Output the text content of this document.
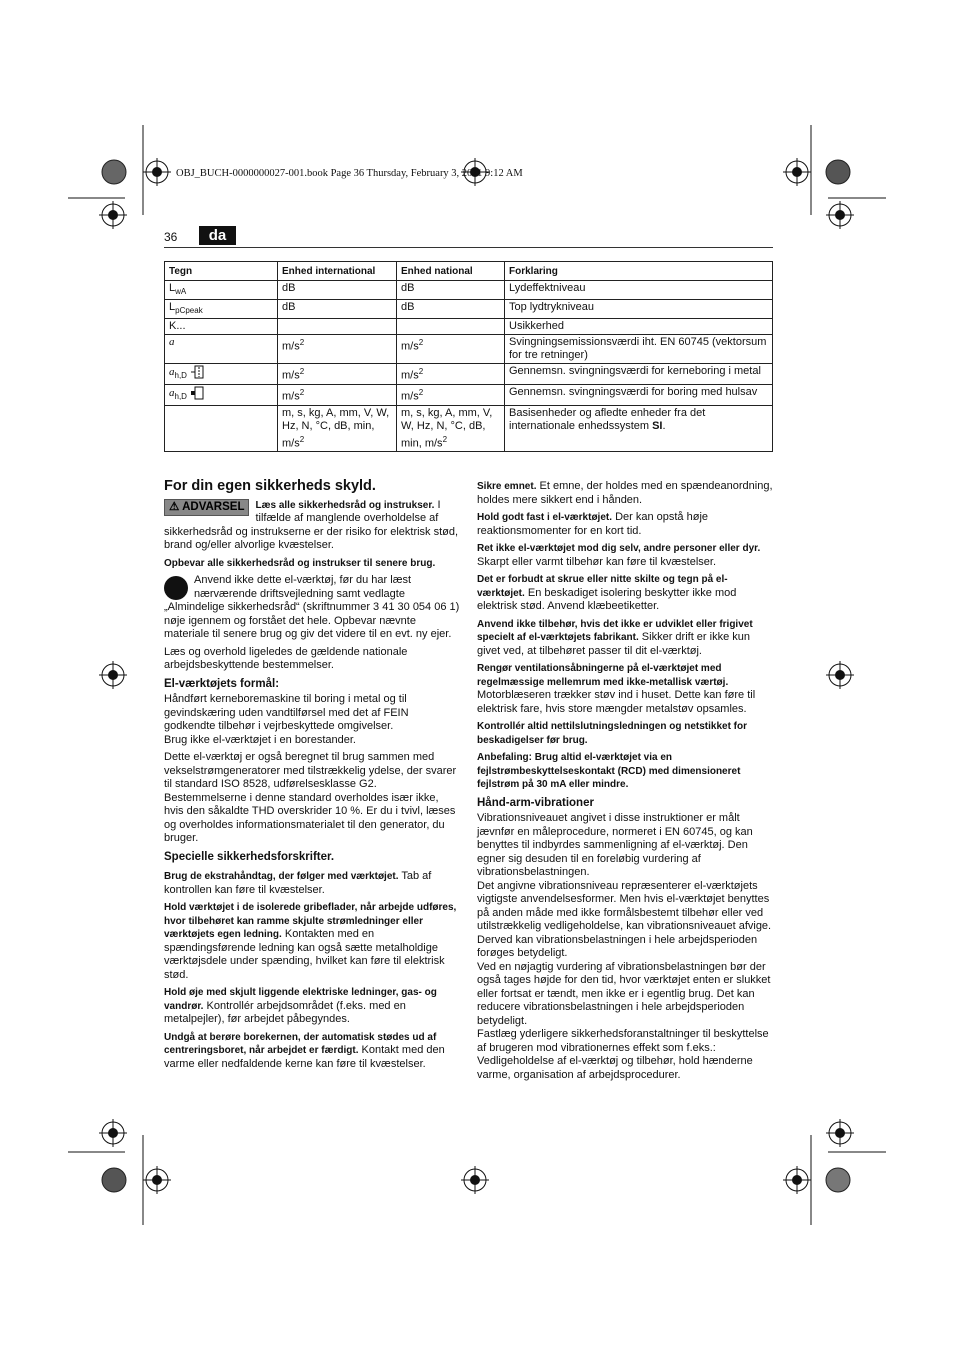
OBJ_BUCH-0000000027-001.book Page 36 Thursday, February 3, 2011 9:12 AM
36	da
Tegn	Enhed international	Enhed national	Forklaring
$L_{wA}$	dB	dB	Lydeffektniveau
$L_{pCpeak}$	dB	dB	Top lydtrykniveau
K...			Usikkerhed
a	$m/s^2$	$m/s^2$	Svingningsemissionsværdi iht. EN 60745 (vektorsum for tre retninger)
$a_{h,D}$	$m/s^2$	$m/s^2$	Gennemsn. svingningsværdi for kerneboring i metal
$a_{h,D}$	$m/s^2$	$m/s^2$	Gennemsn. svingningsværdi for boring med hulsav
	m, s, kg, A, mm, V, W, Hz, N, °C, dB, min, $m/s^2$	m, s, kg, A, mm, V, W, Hz, N, °C, dB, min, $m/s^2$	Basisenheder og afledte enheder fra det internationale enhedssystem SI.
For din egen sikkerheds skyld.

⚠ ADVARSEL	Læs alle sikkerhedsråd og instrukser. I tilfælde af manglende overholdelse af sikkerhedsråd og instrukserne er der risiko for elektrisk stød, brand og/eller alvorlige kvæstelser.

Opbevar alle sikkerhedsråd og instrukser til senere brug.

Anvend ikke dette el-værktøj, før du har læst nærværende driftsvejledning samt vedlagte „Almindelige sikkerhedsråd“ (skriftnummer 3 41 30 054 06 1) nøje igennem og forstået det hele. Opbevar nævnte materiale til senere brug og giv det videre til en evt. ny ejer.

Læs og overhold ligeledes de gældende nationale arbejdsbeskyttende bestemmelser.

El-værktøjets formål:

Håndført kerneboremaskine til boring i metal og til gevindskæring uden vandtilførsel med det af FEIN godkendte tilbehør i vejrbeskyttede omgivelser.

Brug ikke el-værktøjet i en borestander.

Dette el-værktøj er også beregnet til brug sammen med vekselstrømgeneratorer med tilstrækkelig ydelse, der svarer til standard ISO 8528, udførelsesklasse G2. Bestemmelserne i denne standard overholdes især ikke, hvis den såkaldte THD overskrider 10 %. Er du i tvivl, læses og overholdes informationsmaterialet til den generator, du bruger.

Specielle sikkerhedsforskrifter.

Brug de ekstrahåndtag, der følger med værktøjet. Tab af kontrollen kan føre til kvæstelser.

Hold værktøjet i de isolerede gribeflader, når arbejde udføres, hvor tilbehøret kan ramme skjulte strømledninger eller værktøjets egen ledning. Kontakten med en spændingsførende ledning kan også sætte metalholdige værktøjsdele under spænding, hvilket kan føre til elektrisk stød.

Hold øje med skjult liggende elektriske ledninger, gas- og vandrør. Kontrollér arbejdsområdet (f.eks. med en metalpejler), før arbejdet påbegyndes.

Undgå at berøre borekernen, der automatisk stødes ud af centreringsboret, når arbejdet er færdigt. Kontakt med den varme eller nedfaldende kerne kan føre til kvæstelser.

Sikre emnet. Et emne, der holdes med en spændeanordning, holdes mere sikkert end i hånden.

Hold godt fast i el-værktøjet. Der kan opstå høje reaktionsmomenter for en kort tid.

Ret ikke el-værktøjet mod dig selv, andre personer eller dyr. Skarpt eller varmt tilbehør kan føre til kvæstelser.

Det er forbudt at skrue eller nitte skilte og tegn på el-værktøjet. En beskadiget isolering beskytter ikke mod elektrisk stød. Anvend klæbeetiketter.

Anvend ikke tilbehør, hvis det ikke er udviklet eller frigivet specielt af el-værktøjets fabrikant. Sikker drift er ikke kun givet ved, at tilbehøret passer til dit el-værktøj.

Rengør ventilationsåbningerne på el-værktøjet med regelmæssige mellemrum med ikke-metallisk værtøj. Motorblæseren trækker støv ind i huset. Dette kan føre til elektrisk fare, hvis store mængder metalstøv opsamles.

Kontrollér altid nettilslutningsledningen og netstikket for beskadigelser før brug.

Anbefaling: Brug altid el-værktøjet via en fejlstrømbeskyttelseskontakt (RCD) med dimensioneret fejlstrøm på 30 mA eller mindre.

Hånd-arm-vibrationer

Vibrationsniveauet angivet i disse instruktioner er målt jævnfør en måleprocedure, normeret i EN 60745, og kan benyttes til indbyrdes sammenligning af el-værktøj. Den egner sig desuden til en foreløbig vurdering af vibrationsbelastningen.

Det angivne vibrationsniveau repræsenterer el-værktøjets vigtigste anvendelsesformer. Men hvis el-værktøjet benyttes på anden måde med ikke formålsbestemt tilbehør eller ved utilstrækkelig vedligeholdelse, kan vibrationsniveauet afvige. Derved kan vibrationsbelastningen i hele arbejdsperioden forøges betydeligt.

Ved en nøjagtig vurdering af vibrationsbelastningen bør der også tages højde for den tid, hvor værktøjet enten er slukket eller fortsat er tændt, men ikke er i egentlig brug. Det kan reducere vibrationsbelastningen i hele arbejdsperioden betydeligt.

Fastlæg yderligere sikkerhedsforanstaltninger til beskyttelse af brugeren mod vibrationernes effekt som f.eks.: Vedligeholdelse af el-værktøj og tilbehør, hold hænderne varme, organisation af arbejdsprocedurer.
